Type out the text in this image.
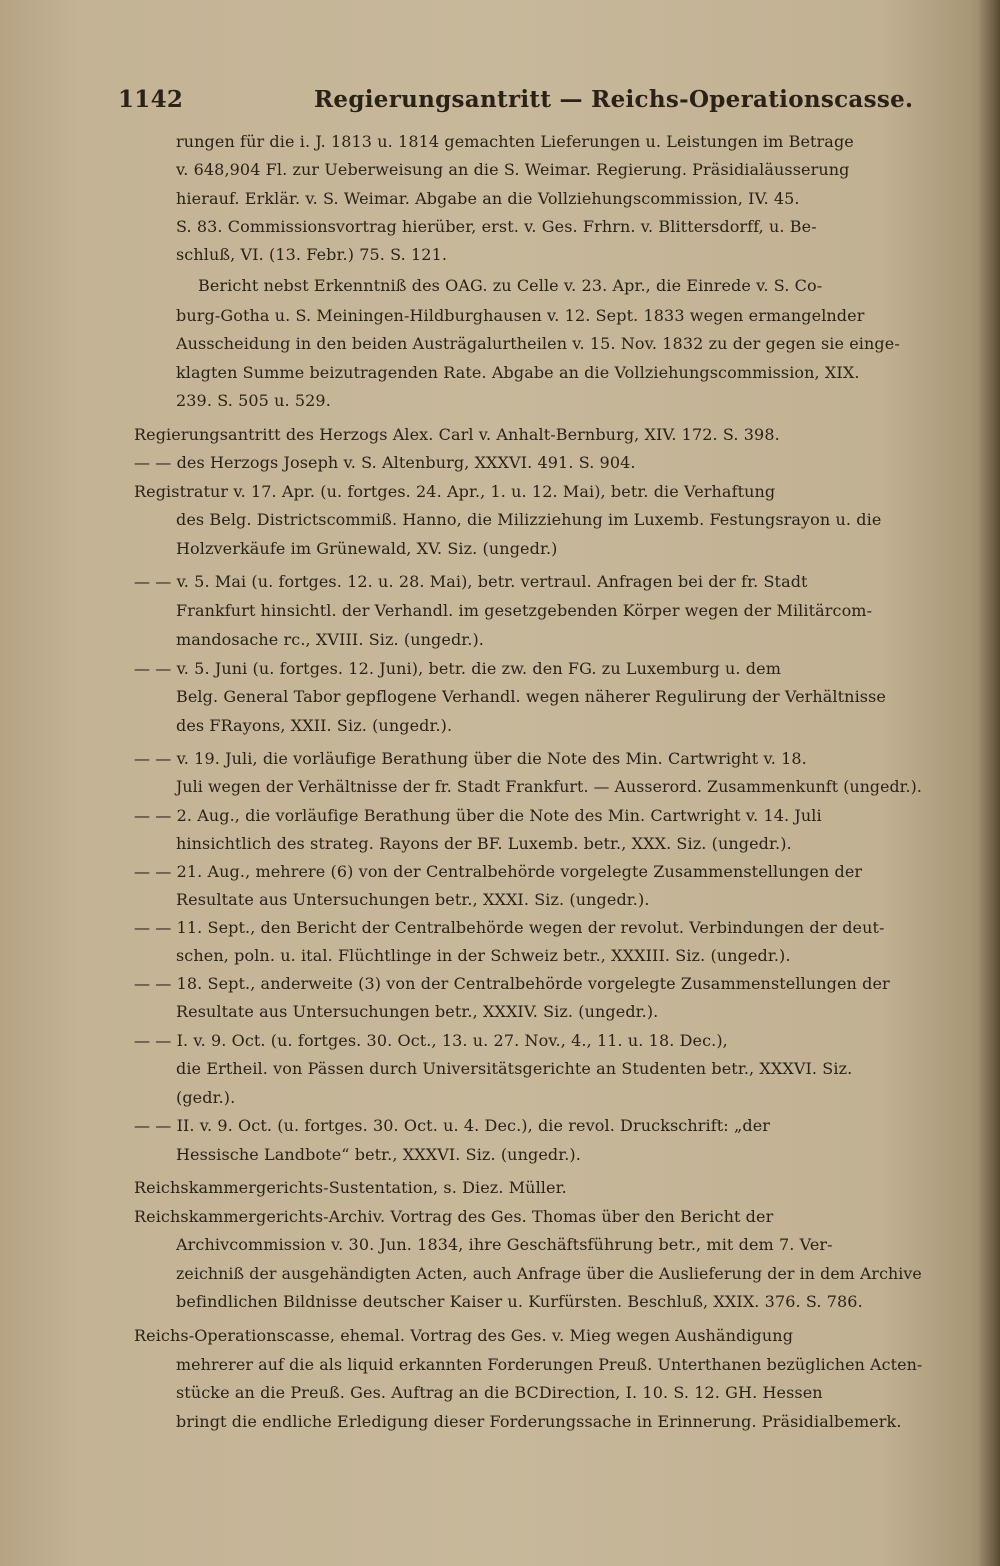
1142	Regierungsantritt — Reichs-Operationscasse.
rungen für die i. J. 1813 u. 1814 gemachten Lieferungen u. Leistungen im Betrage
v. 648,904 Fl. zur Ueberweisung an die S. Weimar. Regierung. Präsidialäusserung
hierauf. Erklär. v. S. Weimar. Abgabe an die Vollziehungscommission, IV. 45.
S. 83. Commissionsvortrag hierüber, erst. v. Ges. Frhrn. v. Blittersdorff, u. Be-
schluß, VI. (13. Febr.) 75. S. 121.
Bericht nebst Erkenntniß des OAG. zu Celle v. 23. Apr., die Einrede v. S. Co-
burg-Gotha u. S. Meiningen-Hildburghausen v. 12. Sept. 1833 wegen ermangelnder
Ausscheidung in den beiden Austrägalurtheilen v. 15. Nov. 1832 zu der gegen sie einge-
klagten Summe beizutragenden Rate. Abgabe an die Vollziehungscommission, XIX.
239. S. 505 u. 529.
Regierungsantritt des Herzogs Alex. Carl v. Anhalt-Bernburg, XIV. 172. S. 398.
— — des Herzogs Joseph v. S. Altenburg, XXXVI. 491. S. 904.
Registratur v. 17. Apr. (u. fortges. 24. Apr., 1. u. 12. Mai), betr. die Verhaftung
des Belg. Districtscommiß. Hanno, die Milizziehung im Luxemb. Festungsrayon u. die
Holzverkäufe im Grünewald, XV. Siz. (ungedr.)
— — v. 5. Mai (u. fortges. 12. u. 28. Mai), betr. vertraul. Anfragen bei der fr. Stadt
Frankfurt hinsichtl. der Verhandl. im gesetzgebenden Körper wegen der Militärcom-
mandosache rc., XVIII. Siz. (ungedr.).
— — v. 5. Juni (u. fortges. 12. Juni), betr. die zw. den FG. zu Luxemburg u. dem
Belg. General Tabor gepflogene Verhandl. wegen näherer Regulirung der Verhältnisse
des FRayons, XXII. Siz. (ungedr.).
— — v. 19. Juli, die vorläufige Berathung über die Note des Min. Cartwright v. 18.
Juli wegen der Verhältnisse der fr. Stadt Frankfurt. — Ausserord. Zusammenkunft (ungedr.).
— — 2. Aug., die vorläufige Berathung über die Note des Min. Cartwright v. 14. Juli
hinsichtlich des strateg. Rayons der BF. Luxemb. betr., XXX. Siz. (ungedr.).
— — 21. Aug., mehrere (6) von der Centralbehörde vorgelegte Zusammenstellungen der
Resultate aus Untersuchungen betr., XXXI. Siz. (ungedr.).
— — 11. Sept., den Bericht der Centralbehörde wegen der revolut. Verbindungen der deut-
schen, poln. u. ital. Flüchtlinge in der Schweiz betr., XXXIII. Siz. (ungedr.).
— — 18. Sept., anderweite (3) von der Centralbehörde vorgelegte Zusammenstellungen der
Resultate aus Untersuchungen betr., XXXIV. Siz. (ungedr.).
— — I. v. 9. Oct. (u. fortges. 30. Oct., 13. u. 27. Nov., 4., 11. u. 18. Dec.),
die Ertheil. von Pässen durch Universitätsgerichte an Studenten betr., XXXVI. Siz.
(gedr.).
— — II. v. 9. Oct. (u. fortges. 30. Oct. u. 4. Dec.), die revol. Druckschrift: „der
Hessische Landbote“ betr., XXXVI. Siz. (ungedr.).
Reichskammergerichts-Sustentation, s. Diez. Müller.
Reichskammergerichts-Archiv. Vortrag des Ges. Thomas über den Bericht der
Archivcommission v. 30. Jun. 1834, ihre Geschäftsführung betr., mit dem 7. Ver-
zeichniß der ausgehändigten Acten, auch Anfrage über die Auslieferung der in dem Archive
befindlichen Bildnisse deutscher Kaiser u. Kurfürsten. Beschluß, XXIX. 376. S. 786.
Reichs-Operationscasse, ehemal. Vortrag des Ges. v. Mieg wegen Aushändigung
mehrerer auf die als liquid erkannten Forderungen Preuß. Unterthanen bezüglichen Acten-
stücke an die Preuß. Ges. Auftrag an die BCDirection, I. 10. S. 12. GH. Hessen
bringt die endliche Erledigung dieser Forderungssache in Erinnerung. Präsidialbemerk.
